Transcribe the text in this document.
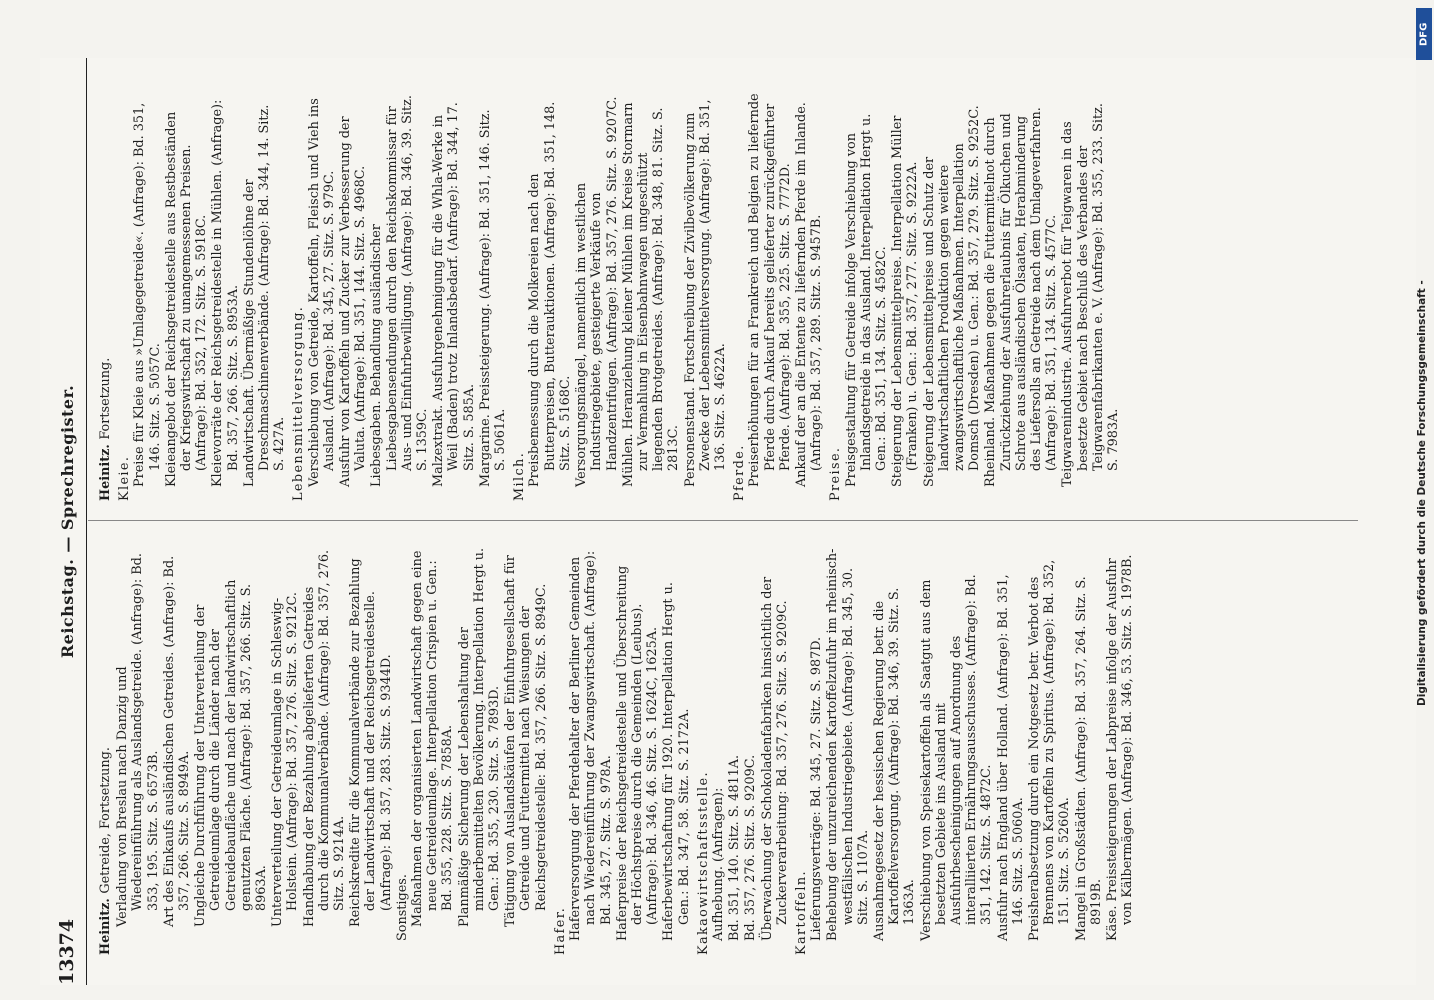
13374
Reichstag. — Sprechregister.
Heinitz. Getreide, Fortsetzung. Verladung von Breslau nach Danzig und Wiedereinführung als Auslandsgetreide. (Anfrage): Bd. 353, 195. Sitz. S. 6573B. Art des Einkaufs ausländischen Getreides. (Anfrage): Bd. 357, 266. Sitz. S. 8949A. Ungleiche Durchführung der Unterverteilung der Getreideumlage durch die Länder nach der Getreidebaufläche und nach der landwirtschaftlich genutzten Fläche. (Anfrage): Bd. 357, 266. Sitz. S. 8963A. Unterverteilung der Getreideumlage in Schleswig-Holstein. (Anfrage): Bd. 357, 276. Sitz. S. 9212C. Handhabung der Bezahlung abgelieferten Getreides durch die Kommunalverbände. (Anfrage): Bd. 357, 276. Sitz. S. 9214A. Reichskredite für die Kommunalverbände zur Bezahlung der Landwirtschaft und der Reichsgetreidestelle. (Anfrage): Bd. 357, 283. Sitz. S. 9344D. Sonstiges. Maßnahmen der organisierten Landwirtschaft gegen eine neue Getreideumlage. Interpellation Crispien u. Gen.: Bd. 355, 228. Sitz. S. 7858A. Planmäßige Sicherung der Lebenshaltung der minderbemittelten Bevölkerung. Interpellation Hergt u. Gen.: Bd. 355, 230. Sitz. S. 7893D. Tätigung von Auslandskäufen der Einfuhrgesellschaft für Getreide und Futtermittel nach Weisungen der Reichsgetreidestelle: Bd. 357, 266. Sitz. S. 8949C.
Hafer. Haferversorgung der Pferdehalter der Berliner Gemeinden nach Wiedereinführung der Zwangswirtschaft. (Anfrage): Bd. 345, 27. Sitz. S. 978A. Haferpreise der Reichsgetreidestelle und Überschreitung der Höchstpreise durch die Gemeinden (Leubus). (Anfrage): Bd. 346, 46. Sitz. S. 1624C, 1625A. Haferbewirtschaftung für 1920. Interpellation Hergt u. Gen.: Bd. 347, 58. Sitz. S. 2172A. Kakaowirtschaftsstelle. Aufhebung. (Anfragen): Bd. 351, 140. Sitz. S. 4811A. Bd. 357, 276. Sitz. S. 9209C. Überwachung der Schokoladenfabriken hinsichtlich der Zuckerverarbeitung: Bd. 357, 276. Sitz. S. 9209C. Kartoffeln. Lieferungsverträge: Bd. 345, 27. Sitz. S. 987D. Behebung der unzureichenden Kartoffelzufuhr im rheinisch-westfälischen Industriegebiete. (Anfrage): Bd. 345, 30. Sitz. S. 1107A. Ausnahmegesetz der hessischen Regierung betr. die Kartoffelversorgung. (Anfrage): Bd. 346, 39. Sitz. S. 1363A. Verschiebung von Speisekartoffeln als Saatgut aus dem besetzten Gebiete ins Ausland mit Ausfuhrbescheinigungen auf Anordnung des interalliierten Ernährungsausschusses. (Anfrage): Bd. 351, 142. Sitz. S. 4872C. Ausfuhr nach England über Holland. (Anfrage): Bd. 351, 146. Sitz. S. 5060A. Preisherabsetzung durch ein Notgesetz betr. Verbot des Brennens von Kartoffeln zu Spiritus. (Anfrage): Bd. 352, 151. Sitz. S. 5260A. Mangel in Großstädten. (Anfrage): Bd. 357, 264. Sitz. S. 8919B. Käse. Preissteigerungen der Labpreise infolge der Ausfuhr von Kälbermägen. (Anfrage): Bd. 346, 53. Sitz. S. 1978B.
Heinitz. Fortsetzung.
Kleie. Preise für Kleie aus »Umlagegetreide«. (Anfrage): Bd. 351, 146. Sitz. S. 5057C. Kleieangebot der Reichsgetreidestelle aus Restbeständen der Kriegswirtschaft zu unangemessenen Preisen. (Anfrage): Bd. 352, 172. Sitz. S. 5918C. Kleievorräte der Reichsgetreidestelle in Mühlen. (Anfrage): Bd. 357, 266. Sitz. S. 8953A. Landwirtschaft. Übermäßige Stundenlöhne der Dreschmaschinenverbände. (Anfrage): Bd. 344, 14. Sitz. S. 427A. Lebensmittelversorgung. Verschiebung von Getreide, Kartoffeln, Fleisch und Vieh ins Ausland. (Anfrage): Bd. 345, 27. Sitz. S. 979C. Ausfuhr von Kartoffeln und Zucker zur Verbesserung der Valuta. (Anfrage): Bd. 351, 144. Sitz. S. 4968C. Liebesgaben. Behandlung ausländischer Liebesgabensendungen durch den Reichskommissar für Aus- und Einfuhrbewilligung. (Anfrage): Bd. 346, 39. Sitz. S. 1359C. Malzextrakt. Ausfuhrgenehmigung für die Whla-Werke in Weil (Baden) trotz Inlandsbedarf. (Anfrage): Bd. 344, 17. Sitz. S. 585A. Margarine. Preissteigerung. (Anfrage): Bd. 351, 146. Sitz. S. 5061A.
Milch. Preisbemessung durch die Molkereien nach den Butterpreisen, Butterauktionen. (Anfrage): Bd. 351, 148. Sitz. S. 5168C. Versorgungsmängel, namentlich im westlichen Industriegebiete, gesteigerte Verkäufe von Handzentrifugen. (Anfrage): Bd. 357, 276. Sitz. S. 9207C. Mühlen. Heranziehung kleiner Mühlen im Kreise Stormarn zur Vermahlung in Eisenbahnwagen ungeschützt liegenden Brotgetreides. (Anfrage): Bd. 348, 81. Sitz. S. 2813C. Personenstand. Fortschreibung der Zivilbevölkerung zum Zwecke der Lebensmittelversorgung. (Anfrage): Bd. 351, 136. Sitz. S. 4622A.
Pferde. Preiserhöhungen für an Frankreich und Belgien zu liefernde Pferde durch Ankauf bereits gelieferter zurückgeführter Pferde. (Anfrage): Bd. 355, 225. Sitz. S. 7772D. Ankauf der an die Entente zu liefernden Pferde im Inlande. (Anfrage): Bd. 357, 289. Sitz. S. 9457B.
Preise. Preisgestaltung für Getreide infolge Verschiebung von Inlandsgetreide in das Ausland. Interpellation Hergt u. Gen.: Bd. 351, 134. Sitz. S. 4582C. Steigerung der Lebensmittelpreise. Interpellation Müller (Franken) u. Gen.: Bd. 357, 277. Sitz. S. 9222A. Steigerung der Lebensmittelpreise und Schutz der landwirtschaftlichen Produktion gegen weitere zwangswirtschaftliche Maßnahmen. Interpellation Domsch (Dresden) u. Gen.: Bd. 357, 279. Sitz. S. 9252C. Rheinland. Maßnahmen gegen die Futtermittelnot durch Zurückziehung der Ausfuhrerlaubnis für Ölkuchen und Schrote aus ausländischen Ölsaaten, Herabminderung des Liefersolls an Getreide nach dem Umlageverfahren. (Anfrage): Bd. 351, 134. Sitz. S. 4577C. Teigwarenindustrie. Ausfuhrverbot für Teigwaren in das besetzte Gebiet nach Beschluß des Verbandes der Teigwarenfabrikanten e. V. (Anfrage): Bd. 355, 233. Sitz. S. 7983A.
DFG
Digitalisierung gefördert durch die Deutsche Forschungsgemeinschaft -
